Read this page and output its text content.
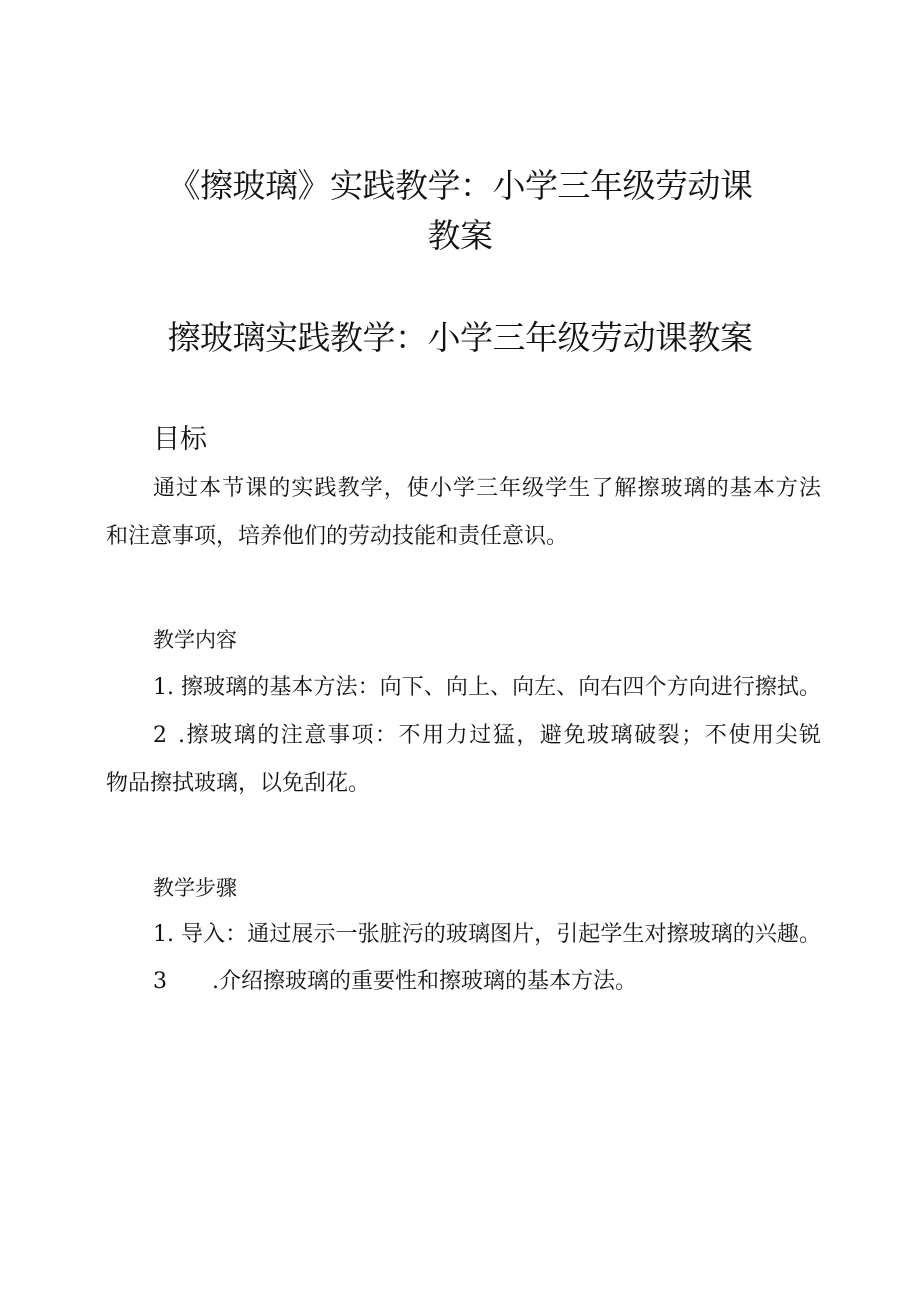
《擦玻璃》实践教学：小学三年级劳动课
教案
擦玻璃实践教学：小学三年级劳动课教案
目标
通过本节课的实践教学，使小学三年级学生了解擦玻璃的基本方法
和注意事项，培养他们的劳动技能和责任意识。
教学内容
1. 擦玻璃的基本方法：向下、向上、向左、向右四个方向进行擦拭。
2 .擦玻璃的注意事项：不用力过猛，避免玻璃破裂；不使用尖锐
物品擦拭玻璃，以免刮花。
教学步骤
1. 导入：通过展示一张脏污的玻璃图片，引起学生对擦玻璃的兴趣。
3 .介绍擦玻璃的重要性和擦玻璃的基本方法。
